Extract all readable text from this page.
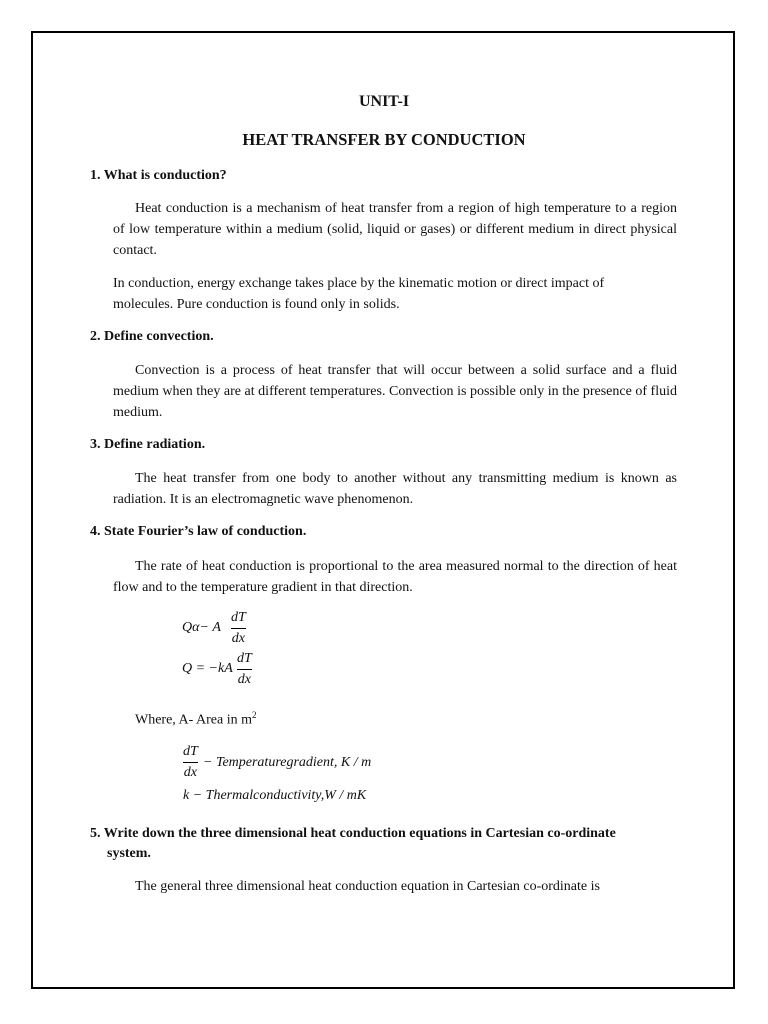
UNIT-I
HEAT TRANSFER BY CONDUCTION
1. What is conduction?

Heat conduction is a mechanism of heat transfer from a region of high temperature to a region of low temperature within a medium (solid, liquid or gases) or different medium in direct physical contact.

In conduction, energy exchange takes place by the kinematic motion or direct impact of

molecules. Pure conduction is found only in solids.

2. Define convection.

Convection is a process of heat transfer that will occur between a solid surface and a fluid medium when they are at different temperatures. Convection is possible only in the presence of fluid medium.

3. Define radiation.

The heat transfer from one body to another without any transmitting medium is known as radiation. It is an electromagnetic wave phenomenon.

4. State Fourier’s law of conduction.

The rate of heat conduction is proportional to the area measured normal to the direction of heat flow and to the temperature gradient in that direction.

Qα− A
dT
dx
Q = −kA
dT
dx
Where, A- Area in $m^2$
dT
dx
− Temperaturegradient, K / m
k − Thermalconductivity,W / mK
5. Write down the three dimensional heat conduction equations in Cartesian co-ordinate
system.

The general three dimensional heat conduction equation in Cartesian co-ordinate is
